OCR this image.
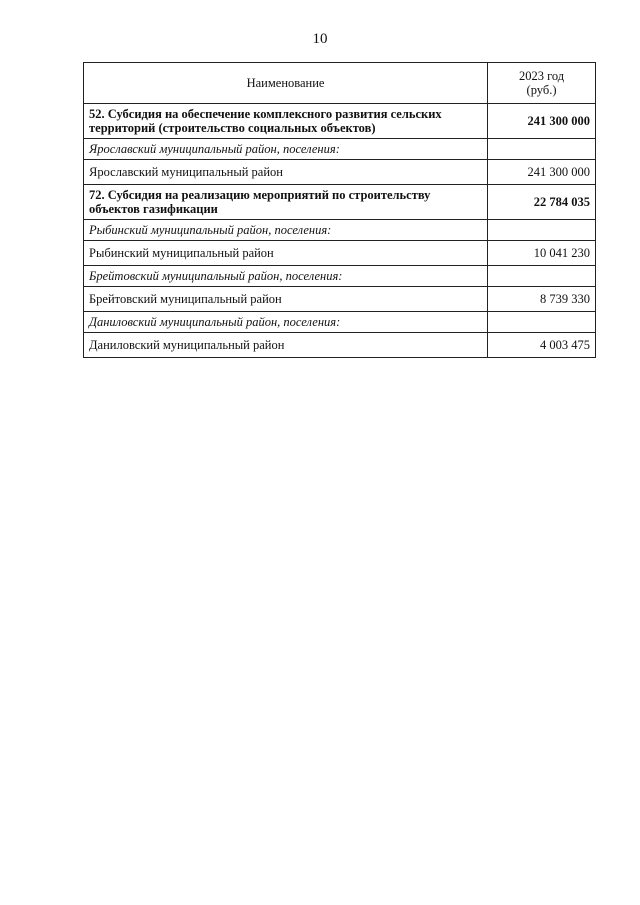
10
Наименование	2023 год
(руб.)
52. Субсидия на обеспечение комплексного развития сельских территорий (строительство социальных объектов)	241 300 000
Ярославский муниципальный район, поселения:	
Ярославский муниципальный район	241 300 000
72. Субсидия на реализацию мероприятий по строительству объектов газификации	22 784 035
Рыбинский муниципальный район, поселения:	
Рыбинский муниципальный район	10 041 230
Брейтовский муниципальный район, поселения:	
Брейтовский муниципальный район	8 739 330
Даниловский муниципальный район, поселения:	
Даниловский муниципальный район	4 003 475
